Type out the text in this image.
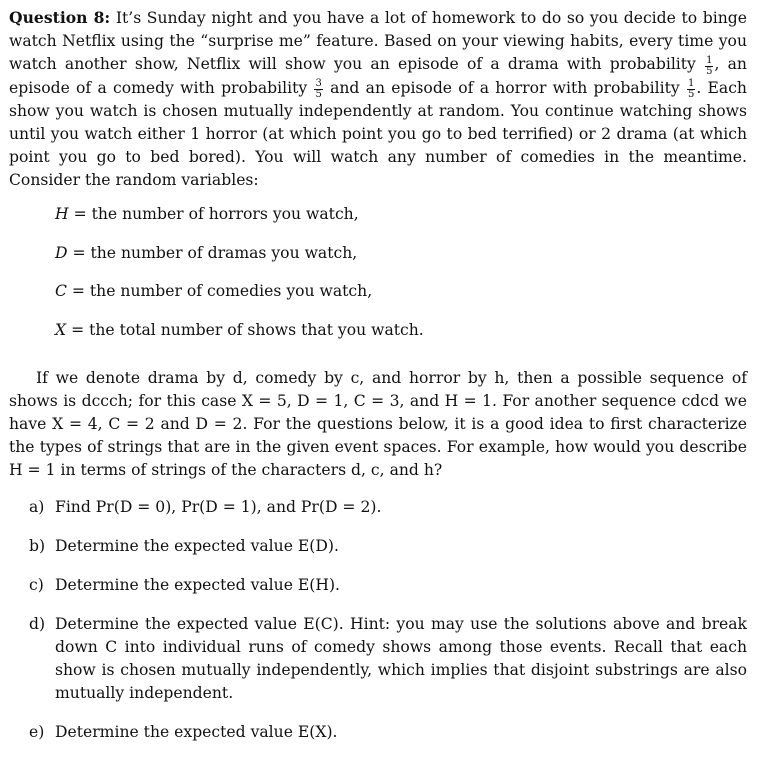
Question 8: It’s Sunday night and you have a lot of homework to do so you decide to binge watch Netflix using the “surprise me” feature. Based on your viewing habits, every time you watch another show, Netflix will show you an episode of a drama with probability $\frac{1}{5}$ , an episode of a comedy with probability $\frac{3}{5}$ and an episode of a horror with probability $\frac{1}{5}$ . Each show you watch is chosen mutually independently at random. You continue watching shows until you watch either 1 horror (at which point you go to bed terrified) or 2 drama (at which point you go to bed bored). You will watch any number of comedies in the meantime. Consider the random variables:

H = the number of horrors you watch,
D = the number of dramas you watch,
C = the number of comedies you watch,
X = the total number of shows that you watch.

If we denote drama by d, comedy by c, and horror by h, then a possible sequence of shows is dccch; for this case X = 5, D = 1, C = 3, and H = 1. For another sequence cdcd we have X = 4, C = 2 and D = 2. For the questions below, it is a good idea to first characterize the types of strings that are in the given event spaces. For example, how would you describe H = 1 in terms of strings of the characters d, c, and h?

a) Find Pr(D = 0), Pr(D = 1), and Pr(D = 2).
b) Determine the expected value E(D).
c) Determine the expected value E(H).
d) Determine the expected value E(C). Hint: you may use the solutions above and break down C into individual runs of comedy shows among those events. Recall that each show is chosen mutually independently, which implies that disjoint substrings are also mutually independent.
e) Determine the expected value E(X).
